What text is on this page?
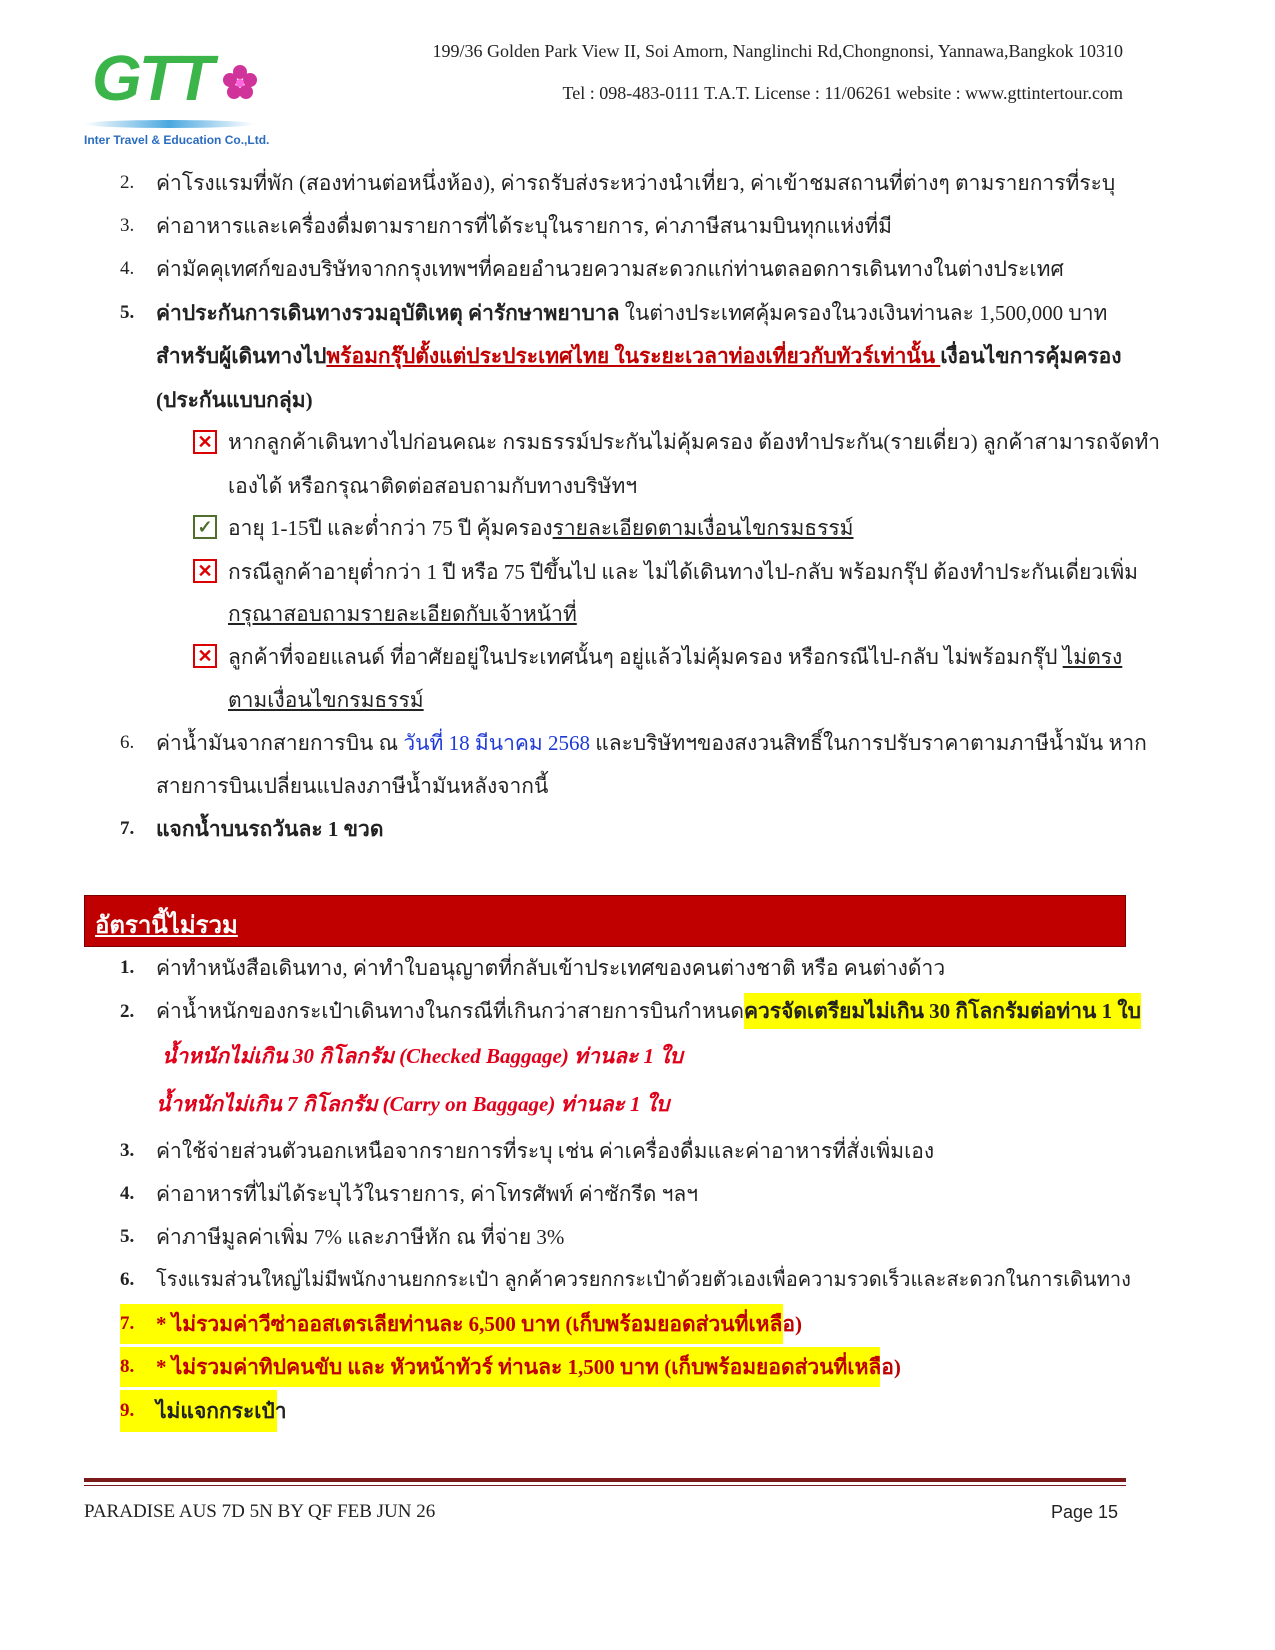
GTT
Inter Travel & Education Co.,Ltd.
199/36 Golden Park View II, Soi Amorn, Nanglinchi Rd,Chongnonsi, Yannawa,Bangkok 10310
Tel : 098-483-0111 T.A.T. License : 11/06261 website : www.gttintertour.com
2. ค่าโรงแรมที่พัก (สองท่านต่อหนึ่งห้อง), ค่ารถรับส่งระหว่างนำเที่ยว, ค่าเข้าชมสถานที่ต่างๆ ตามรายการที่ระบุ
3. ค่าอาหารและเครื่องดื่มตามรายการที่ได้ระบุในรายการ, ค่าภาษีสนามบินทุกแห่งที่มี
4. ค่ามัคคุเทศก์ของบริษัทจากกรุงเทพฯที่คอยอำนวยความสะดวกแก่ท่านตลอดการเดินทางในต่างประเทศ
5. ค่าประกันการเดินทางรวมอุบัติเหตุ ค่ารักษาพยาบาล ในต่างประเทศคุ้มครองในวงเงินท่านละ 1,500,000 บาท
สำหรับผู้เดินทางไปพร้อมกรุ๊ปตั้งแต่ประประเทศไทย ในระยะเวลาท่องเที่ยวกับทัวร์เท่านั้น เงื่อนไขการคุ้มครอง
(ประกันแบบกลุ่ม)
✕ หากลูกค้าเดินทางไปก่อนคณะ กรมธรรม์ประกันไม่คุ้มครอง ต้องทำประกัน(รายเดี่ยว) ลูกค้าสามารถจัดทำ
เองได้ หรือกรุณาติดต่อสอบถามกับทางบริษัทฯ
✓ อายุ 1-15ปี และต่ำกว่า 75 ปี คุ้มครองรายละเอียดตามเงื่อนไขกรมธรรม์
✕ กรณีลูกค้าอายุต่ำกว่า 1 ปี หรือ 75 ปีขึ้นไป และ ไม่ได้เดินทางไป-กลับ พร้อมกรุ๊ป ต้องทำประกันเดี่ยวเพิ่ม
กรุณาสอบถามรายละเอียดกับเจ้าหน้าที่
✕ ลูกค้าที่จอยแลนด์ ที่อาศัยอยู่ในประเทศนั้นๆ อยู่แล้วไม่คุ้มครอง หรือกรณีไป-กลับ ไม่พร้อมกรุ๊ป ไม่ตรง
ตามเงื่อนไขกรมธรรม์
6. ค่าน้ำมันจากสายการบิน ณ วันที่ 18 มีนาคม 2568 และบริษัทฯของสงวนสิทธิ์ในการปรับราคาตามภาษีน้ำมัน หาก
สายการบินเปลี่ยนแปลงภาษีน้ำมันหลังจากนี้
7. แจกน้ำบนรถวันละ 1 ขวด
อัตรานี้ไม่รวม
1. ค่าทำหนังสือเดินทาง, ค่าทำใบอนุญาตที่กลับเข้าประเทศของคนต่างชาติ หรือ คนต่างด้าว
2. ค่าน้ำหนักของกระเป๋าเดินทางในกรณีที่เกินกว่าสายการบินกำหนดควรจัดเตรียมไม่เกิน 30 กิโลกรัมต่อท่าน 1 ใบ
น้ำหนักไม่เกิน 30 กิโลกรัม (Checked Baggage) ท่านละ 1 ใบ
น้ำหนักไม่เกิน 7 กิโลกรัม (Carry on Baggage) ท่านละ 1 ใบ
3. ค่าใช้จ่ายส่วนตัวนอกเหนือจากรายการที่ระบุ เช่น ค่าเครื่องดื่มและค่าอาหารที่สั่งเพิ่มเอง
4. ค่าอาหารที่ไม่ได้ระบุไว้ในรายการ, ค่าโทรศัพท์ ค่าซักรีด ฯลฯ
5. ค่าภาษีมูลค่าเพิ่ม 7% และภาษีหัก ณ ที่จ่าย 3%
6. โรงแรมส่วนใหญ่ไม่มีพนักงานยกกระเป๋า ลูกค้าควรยกกระเป๋าด้วยตัวเองเพื่อความรวดเร็วและสะดวกในการเดินทาง
7. * ไม่รวมค่าวีซ่าออสเตรเลียท่านละ 6,500 บาท (เก็บพร้อมยอดส่วนที่เหลือ)
8. * ไม่รวมค่าทิปคนขับ และ หัวหน้าทัวร์ ท่านละ 1,500 บาท (เก็บพร้อมยอดส่วนที่เหลือ)
9. ไม่แจกกระเป๋า
PARADISE AUS 7D 5N BY QF FEB JUN 26	Page 15
